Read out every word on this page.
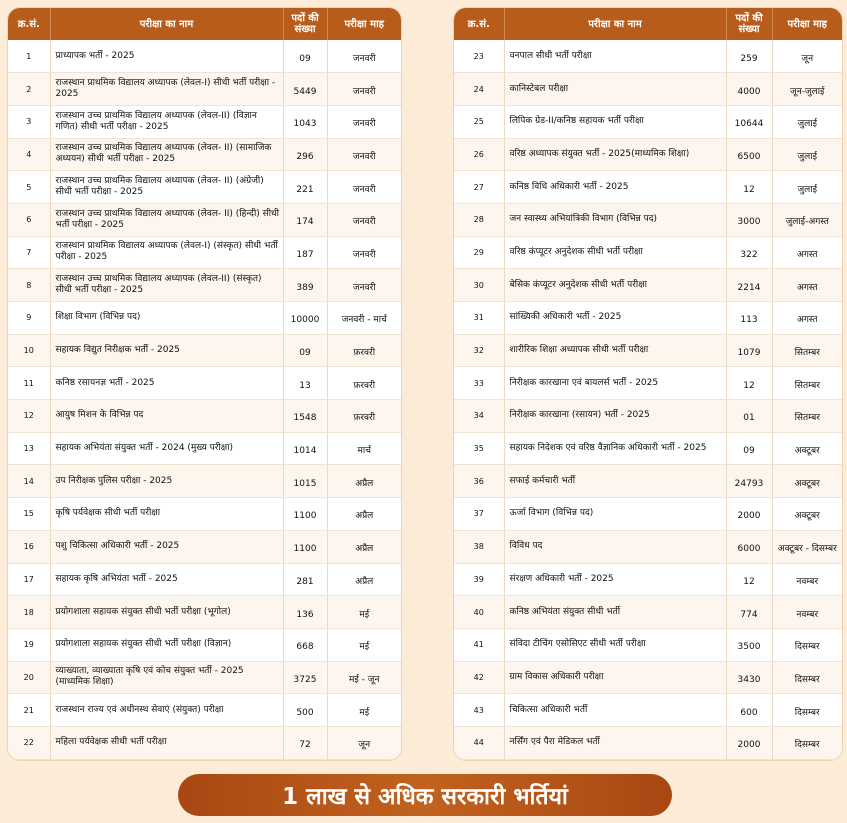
क्र.सं.	परीक्षा का नाम	पदों की संख्या	परीक्षा माह
1	प्राध्यापक भर्ती - 2025	09	जनवरी
2	राजस्थान प्राथमिक विद्यालय अध्यापक (लेवल-I) सीधी भर्ती परीक्षा - 2025	5449	जनवरी
3	राजस्थान उच्च प्राथमिक विद्यालय अध्यापक (लेवल-II) (विज्ञान गणित) सीधी भर्ती परीक्षा - 2025	1043	जनवरी
4	राजस्थान उच्च प्राथमिक विद्यालय अध्यापक (लेवल- II) (सामाजिक अध्ययन) सीधी भर्ती परीक्षा - 2025	296	जनवरी
5	राजस्थान उच्च प्राथमिक विद्यालय अध्यापक (लेवल- II) (अंग्रेजी) सीधी भर्ती परीक्षा - 2025	221	जनवरी
6	राजस्थान उच्च प्राथमिक विद्यालय अध्यापक (लेवल- II) (हिन्दी) सीधी भर्ती परीक्षा - 2025	174	जनवरी
7	राजस्थान प्राथमिक विद्यालय अध्यापक (लेवल-I) (संस्कृत) सीधी भर्ती परीक्षा - 2025	187	जनवरी
8	राजस्थान उच्च प्राथमिक विद्यालय अध्यापक (लेवल-II) (संस्कृत) सीधी भर्ती परीक्षा - 2025	389	जनवरी
9	शिक्षा विभाग (विभिन्न पद)	10000	जनवरी - मार्च
10	सहायक विद्युत निरीक्षक भर्ती - 2025	09	फ़रवरी
11	कनिष्ठ रसायनज्ञ भर्ती - 2025	13	फ़रवरी
12	आयुष मिशन के विभिन्न पद	1548	फ़रवरी
13	सहायक अभियंता संयुक्त भर्ती - 2024 (मुख्य परीक्षा)	1014	मार्च
14	उप निरीक्षक पुलिस परीक्षा - 2025	1015	अप्रैल
15	कृषि पर्यवेक्षक सीधी भर्ती परीक्षा	1100	अप्रैल
16	पशु चिकित्सा अधिकारी भर्ती - 2025	1100	अप्रैल
17	सहायक कृषि अभियंता भर्ती - 2025	281	अप्रैल
18	प्रयोगशाला सहायक संयुक्त सीधी भर्ती परीक्षा (भूगोल)	136	मई
19	प्रयोगशाला सहायक संयुक्त सीधी भर्ती परीक्षा (विज्ञान)	668	मई
20	व्याख्याता, व्याख्याता कृषि एवं कोच संयुक्त भर्ती - 2025 (माध्यमिक शिक्षा)	3725	मई - जून
21	राजस्थान राज्य एवं अधीनस्थ सेवाएं (संयुक्त) परीक्षा	500	मई
22	महिला पर्यवेक्षक सीधी भर्ती परीक्षा	72	जून
क्र.सं.	परीक्षा का नाम	पदों की संख्या	परीक्षा माह
23	वनपाल सीधी भर्ती परीक्षा	259	जून
24	कानिस्टेबल परीक्षा	4000	जून-जुलाई
25	लिपिक ग्रेड-II/कनिष्ठ सहायक भर्ती परीक्षा	10644	जुलाई
26	वरिष्ठ अध्यापक संयुक्त भर्ती - 2025(माध्यमिक शिक्षा)	6500	जुलाई
27	कनिष्ठ विधि अधिकारी भर्ती - 2025	12	जुलाई
28	जन स्वास्थ्य अभियांत्रिकी विभाग (विभिन्न पद)	3000	जुलाई-अगस्त
29	वरिष्ठ कंप्यूटर अनुदेशक सीधी भर्ती परीक्षा	322	अगस्त
30	बेसिक कंप्यूटर अनुदेशक सीधी भर्ती परीक्षा	2214	अगस्त
31	सांख्यिकी अधिकारी भर्ती - 2025	113	अगस्त
32	शारीरिक शिक्षा अध्यापक सीधी भर्ती परीक्षा	1079	सितम्बर
33	निरीक्षक कारखाना एवं बायलर्स भर्ती - 2025	12	सितम्बर
34	निरीक्षक कारखाना (रसायन) भर्ती - 2025	01	सितम्बर
35	सहायक निदेशक एवं वरिष्ठ वैज्ञानिक अधिकारी भर्ती - 2025	09	अक्टूबर
36	सफाई कर्मचारी भर्ती	24793	अक्टूबर
37	ऊर्जा विभाग (विभिन्न पद)	2000	अक्टूबर
38	विविध पद	6000	अक्टूबर - दिसम्बर
39	संरक्षण अधिकारी भर्ती - 2025	12	नवम्बर
40	कनिष्ठ अभियंता संयुक्त सीधी भर्ती	774	नवम्बर
41	संविदा टीचिंग एसोसिएट सीधी भर्ती परीक्षा	3500	दिसम्बर
42	ग्राम विकास अधिकारी परीक्षा	3430	दिसम्बर
43	चिकित्सा अधिकारी भर्ती	600	दिसम्बर
44	नर्सिंग एवं पैरा मेडिकल भर्ती	2000	दिसम्बर
1 लाख से अधिक सरकारी भर्तियां
